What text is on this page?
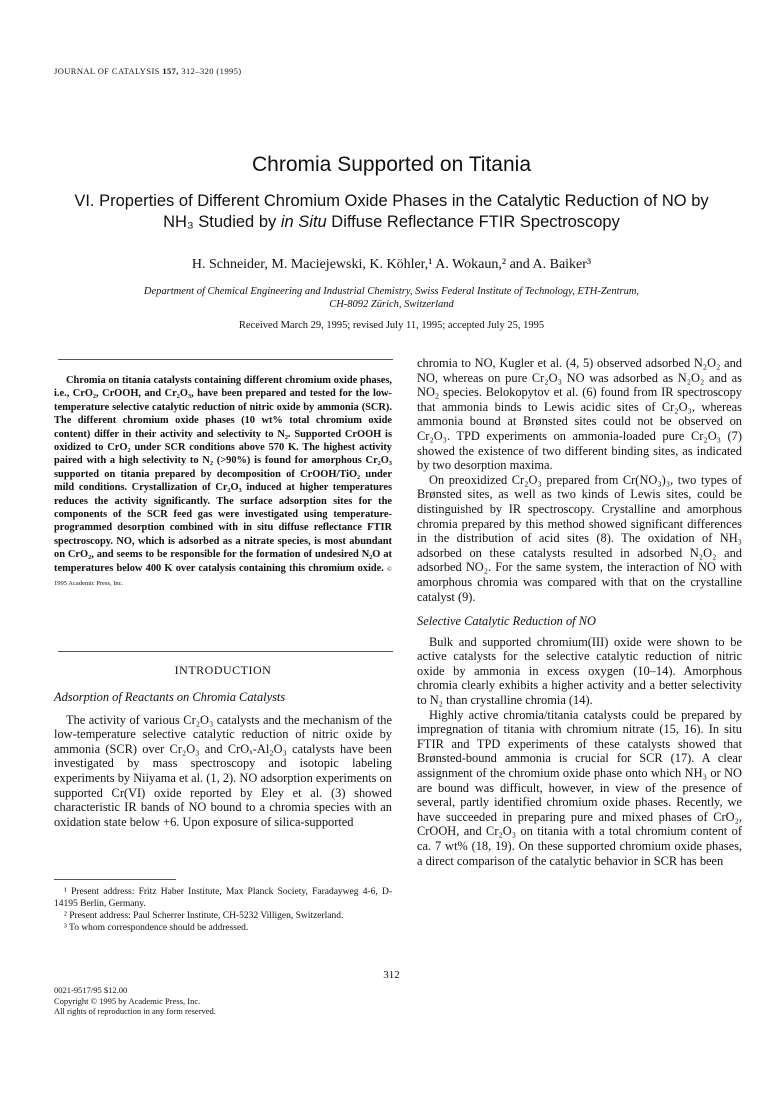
JOURNAL OF CATALYSIS 157, 312–320 (1995)
Chromia Supported on Titania
VI. Properties of Different Chromium Oxide Phases in the Catalytic Reduction of NO by
NH₃ Studied by in Situ Diffuse Reflectance FTIR Spectroscopy
H. Schneider, M. Maciejewski, K. Köhler,¹ A. Wokaun,² and A. Baiker³
Department of Chemical Engineering and Industrial Chemistry, Swiss Federal Institute of Technology, ETH-Zentrum,
CH-8092 Zürich, Switzerland
Received March 29, 1995; revised July 11, 1995; accepted July 25, 1995
Chromia on titania catalysts containing different chromium oxide phases, i.e., CrO₂, CrOOH, and Cr₂O₃, have been prepared and tested for the low-temperature selective catalytic reduction of nitric oxide by ammonia (SCR). The different chromium oxide phases (10 wt% total chromium oxide content) differ in their activity and selectivity to N₂. Supported CrOOH is oxidized to CrO₂ under SCR conditions above 570 K. The highest activity paired with a high selectivity to N₂ (>90%) is found for amorphous Cr₂O₃ supported on titania prepared by decomposition of CrOOH/TiO₂ under mild conditions. Crystallization of Cr₂O₃ induced at higher temperatures reduces the activity significantly. The surface adsorption sites for the components of the SCR feed gas were investigated using temperature-programmed desorption combined with in situ diffuse reflectance FTIR spectroscopy. NO, which is adsorbed as a nitrate species, is most abundant on CrO₂, and seems to be responsible for the formation of undesired N₂O at temperatures below 400 K over catalysis containing this chromium oxide. © 1995 Academic Press, Inc.
INTRODUCTION

Adsorption of Reactants on Chromia Catalysts

The activity of various Cr₂O₃ catalysts and the mechanism of the low-temperature selective catalytic reduction of nitric oxide by ammonia (SCR) over Cr₂O₃ and CrOₓ-Al₂O₃ catalysts have been investigated by mass spectroscopy and isotopic labeling experiments by Niiyama et al. (1, 2). NO adsorption experiments on supported Cr(VI) oxide reported by Eley et al. (3) showed characteristic IR bands of NO bound to a chromia species with an oxidation state below +6. Upon exposure of silica-supported

¹ Present address: Fritz Haber Institute, Max Planck Society, Faradayweg 4-6, D-14195 Berlin, Germany.

² Present address: Paul Scherrer Institute, CH-5232 Villigen, Switzerland.

³ To whom correspondence should be addressed.

chromia to NO, Kugler et al. (4, 5) observed adsorbed N₂O₂ and NO, whereas on pure Cr₂O₃ NO was adsorbed as N₂O₂ and as NO₂ species. Belokopytov et al. (6) found from IR spectroscopy that ammonia binds to Lewis acidic sites of Cr₂O₃, whereas ammonia bound at Brønsted sites could not be observed on Cr₂O₃. TPD experiments on ammonia-loaded pure Cr₂O₃ (7) showed the existence of two different binding sites, as indicated by two desorption maxima.

On preoxidized Cr₂O₃ prepared from Cr(NO₃)₃, two types of Brønsted sites, as well as two kinds of Lewis sites, could be distinguished by IR spectroscopy. Crystalline and amorphous chromia prepared by this method showed significant differences in the distribution of acid sites (8). The oxidation of NH₃ adsorbed on these catalysts resulted in adsorbed N₂O₂ and adsorbed NO₂. For the same system, the interaction of NO with amorphous chromia was compared with that on the crystalline catalyst (9).

Selective Catalytic Reduction of NO

Bulk and supported chromium(III) oxide were shown to be active catalysts for the selective catalytic reduction of nitric oxide by ammonia in excess oxygen (10–14). Amorphous chromia clearly exhibits a higher activity and a better selectivity to N₂ than crystalline chromia (14).

Highly active chromia/titania catalysts could be prepared by impregnation of titania with chromium nitrate (15, 16). In situ FTIR and TPD experiments of these catalysts showed that Brønsted-bound ammonia is crucial for SCR (17). A clear assignment of the chromium oxide phase onto which NH₃ or NO are bound was difficult, however, in view of the presence of several, partly identified chromium oxide phases. Recently, we have succeeded in preparing pure and mixed phases of CrO₂, CrOOH, and Cr₂O₃ on titania with a total chromium content of ca. 7 wt% (18, 19). On these supported chromium oxide phases, a direct comparison of the catalytic behavior in SCR has been

312

0021-9517/95 $12.00

Copyright © 1995 by Academic Press, Inc.

All rights of reproduction in any form reserved.
